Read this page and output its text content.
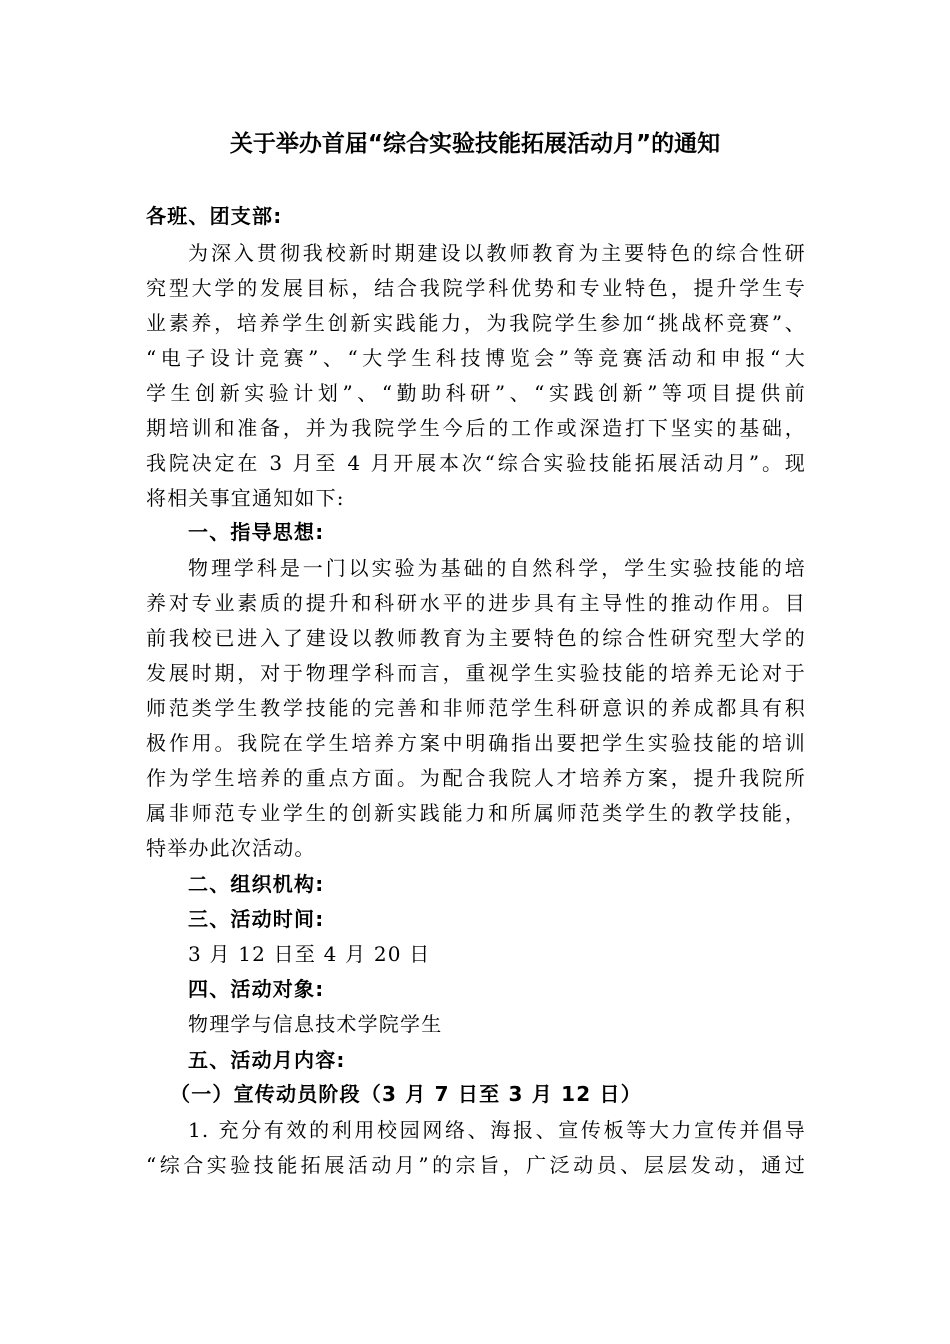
关于举办首届“综合实验技能拓展活动月”的通知
各班、团支部:
为深入贯彻我校新时期建设以教师教育为主要特色的综合性研
究型大学的发展目标，结合我院学科优势和专业特色，提升学生专
业素养，培养学生创新实践能力，为我院学生参加“挑战杯竞赛”、
“电子设计竞赛”、“大学生科技博览会”等竞赛活动和申报“大
学生创新实验计划”、“勤助科研”、“实践创新”等项目提供前
期培训和准备，并为我院学生今后的工作或深造打下坚实的基础，
我院决定在 3 月至 4 月开展本次“综合实验技能拓展活动月”。现
将相关事宜通知如下:
一、指导思想:
物理学科是一门以实验为基础的自然科学，学生实验技能的培
养对专业素质的提升和科研水平的进步具有主导性的推动作用。目
前我校已进入了建设以教师教育为主要特色的综合性研究型大学的
发展时期，对于物理学科而言，重视学生实验技能的培养无论对于
师范类学生教学技能的完善和非师范学生科研意识的养成都具有积
极作用。我院在学生培养方案中明确指出要把学生实验技能的培训
作为学生培养的重点方面。为配合我院人才培养方案，提升我院所
属非师范专业学生的创新实践能力和所属师范类学生的教学技能，
特举办此次活动。
二、组织机构:
三、活动时间:
3 月 12 日至 4 月 20 日
四、活动对象:
物理学与信息技术学院学生
五、活动月内容:
（一）宣传动员阶段（3 月 7 日至 3 月 12 日）
1. 充分有效的利用校园网络、海报、宣传板等大力宣传并倡导
“综合实验技能拓展活动月”的宗旨，广泛动员、层层发动，通过
